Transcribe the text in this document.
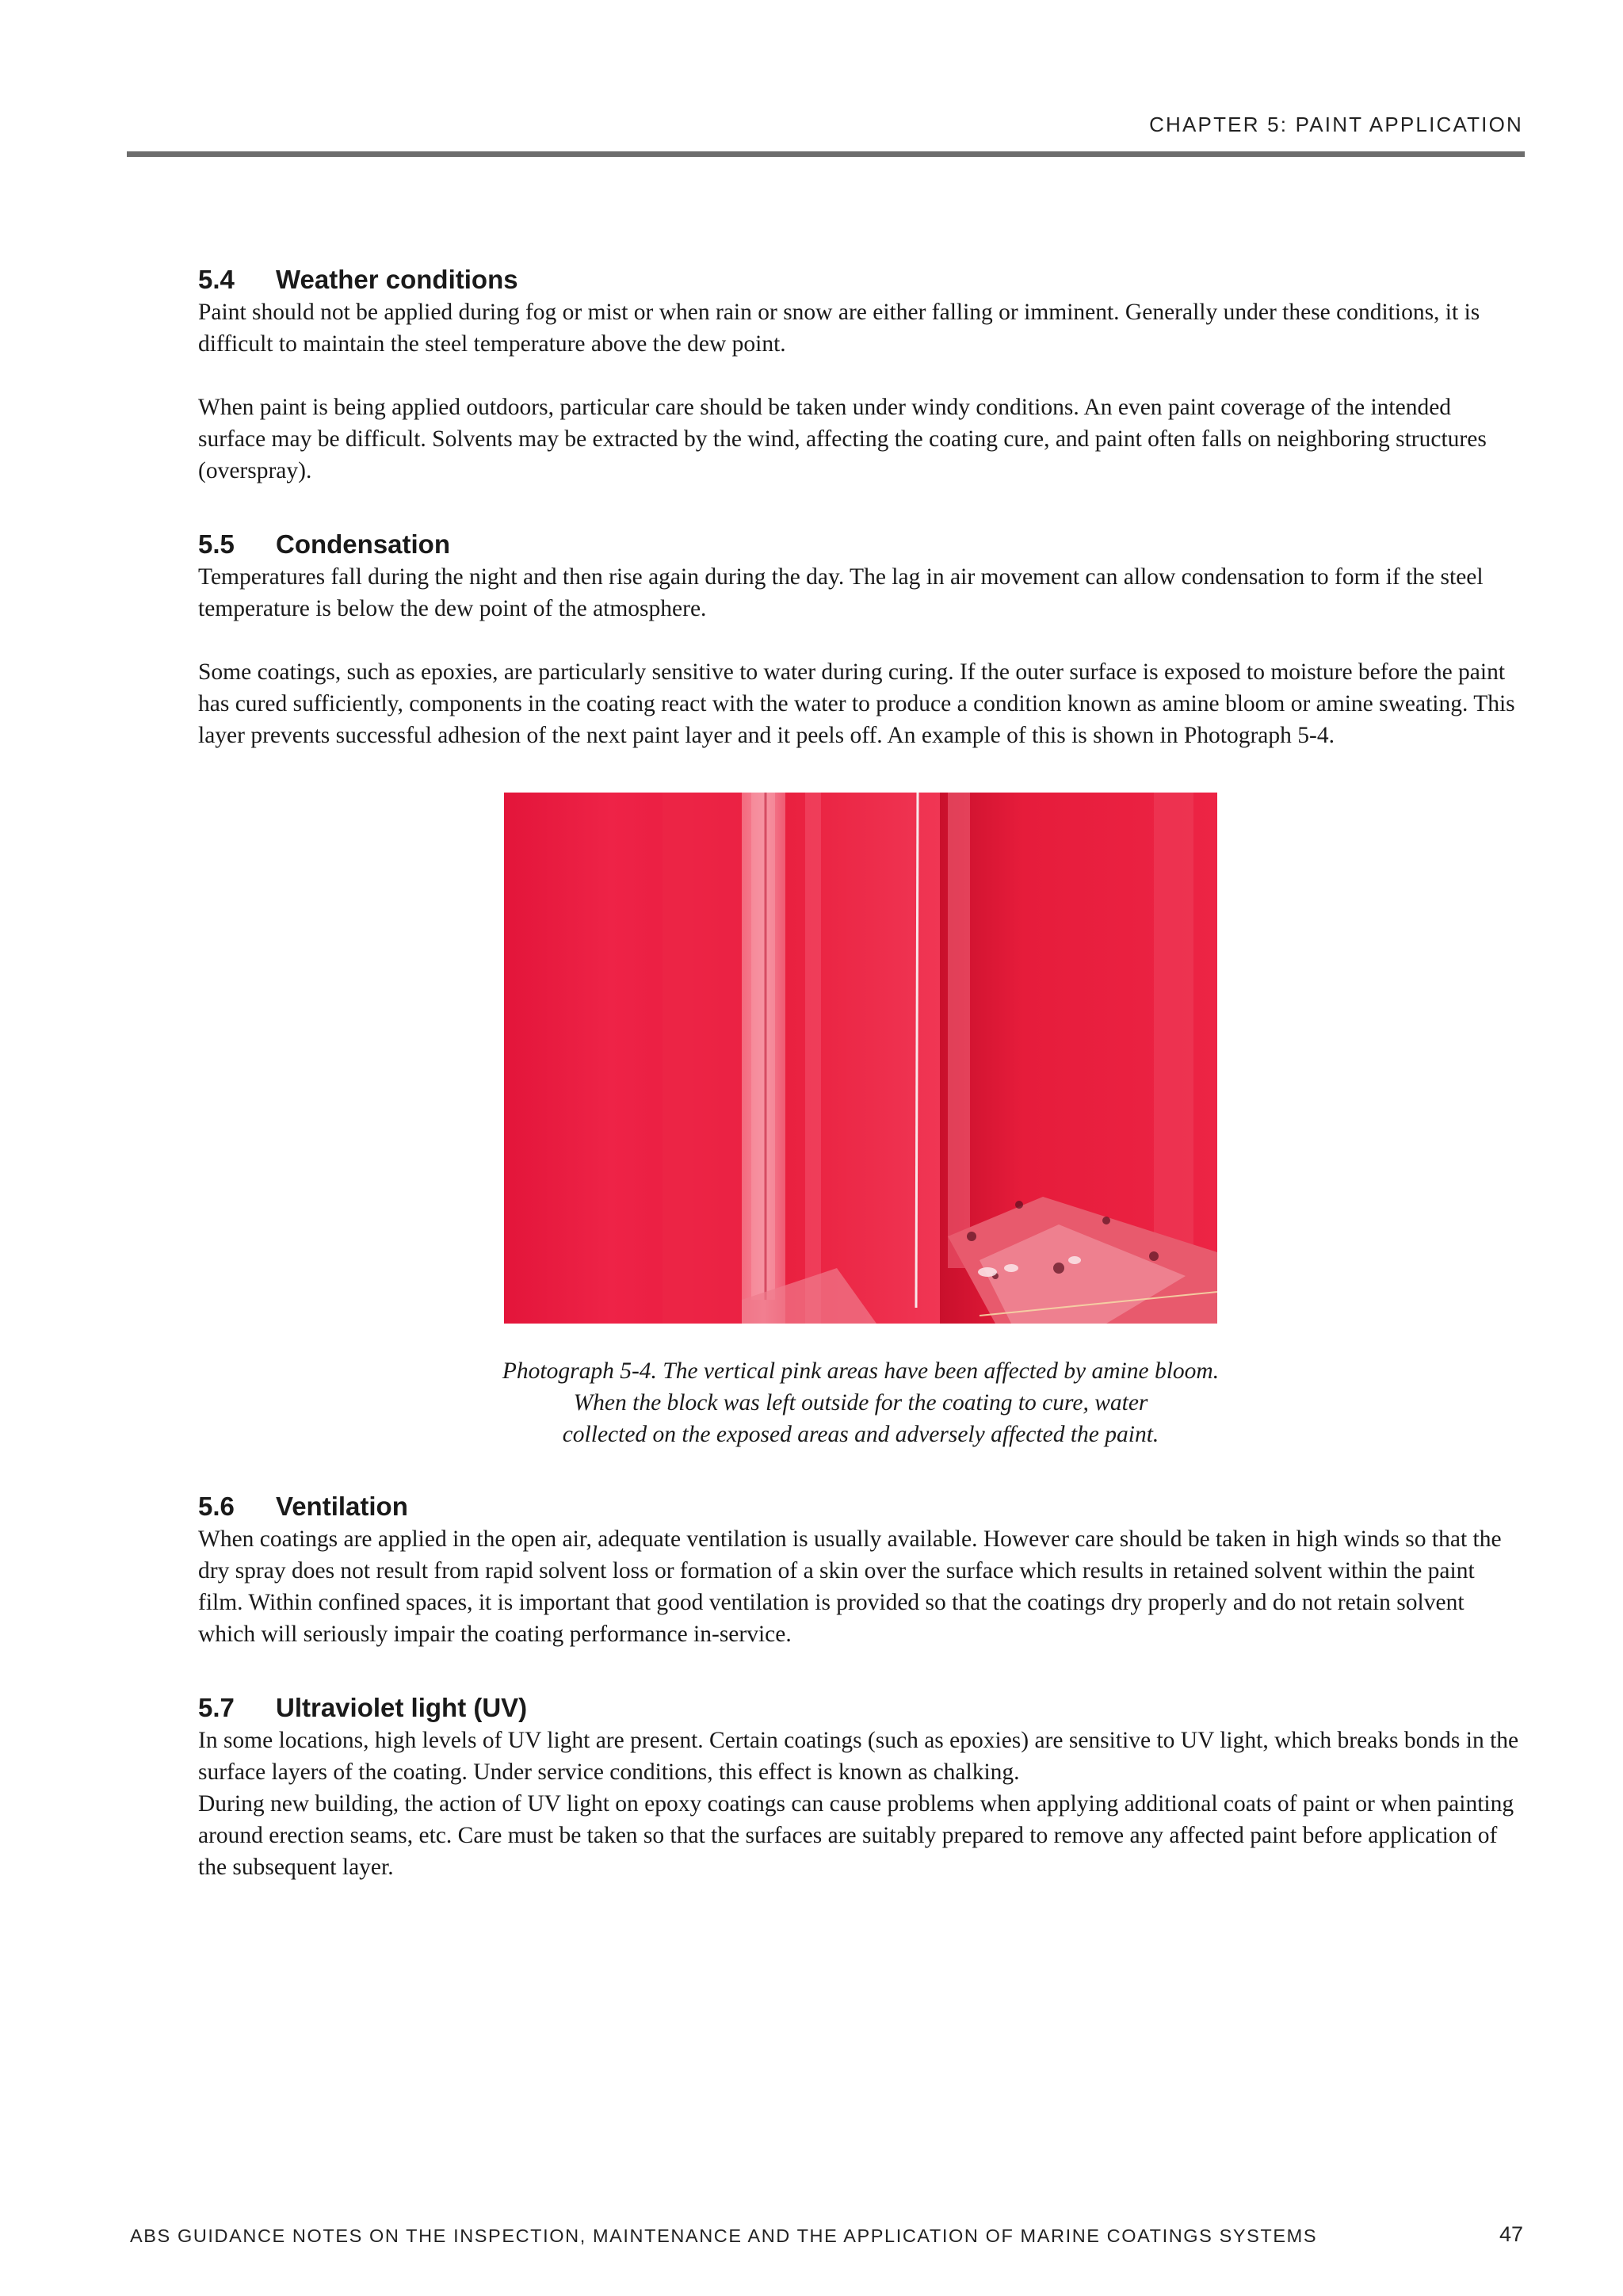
CHAPTER 5: PAINT APPLICATION
5.4 Weather conditions

Paint should not be applied during fog or mist or when rain or snow are either falling or imminent. Generally under these conditions, it is difficult to maintain the steel temperature above the dew point.

When paint is being applied outdoors, particular care should be taken under windy conditions. An even paint coverage of the intended surface may be difficult. Solvents may be extracted by the wind, affecting the coating cure, and paint often falls on neighboring structures (overspray).

5.5 Condensation

Temperatures fall during the night and then rise again during the day. The lag in air movement can allow condensation to form if the steel temperature is below the dew point of the atmosphere.

Some coatings, such as epoxies, are particularly sensitive to water during curing. If the outer surface is exposed to moisture before the paint has cured sufficiently, components in the coating react with the water to produce a condition known as amine bloom or amine sweating. This layer prevents successful adhesion of the next paint layer and it peels off. An example of this is shown in Photograph 5-4.

Photograph 5-4. The vertical pink areas have been affected by amine bloom.
When the block was left outside for the coating to cure, water
collected on the exposed areas and adversely affected the paint.
5.6 Ventilation

When coatings are applied in the open air, adequate ventilation is usually available. However care should be taken in high winds so that the dry spray does not result from rapid solvent loss or formation of a skin over the surface which results in retained solvent within the paint film. Within confined spaces, it is important that good ventilation is provided so that the coatings dry properly and do not retain solvent which will seriously impair the coating performance in-service.

5.7 Ultraviolet light (UV)

In some locations, high levels of UV light are present. Certain coatings (such as epoxies) are sensitive to UV light, which breaks bonds in the surface layers of the coating. Under service conditions, this effect is known as chalking.

During new building, the action of UV light on epoxy coatings can cause problems when applying additional coats of paint or when painting around erection seams, etc. Care must be taken so that the surfaces are suitably prepared to remove any affected paint before application of the subsequent layer.

ABS GUIDANCE NOTES ON THE INSPECTION, MAINTENANCE AND THE APPLICATION OF MARINE COATINGS SYSTEMS	47
